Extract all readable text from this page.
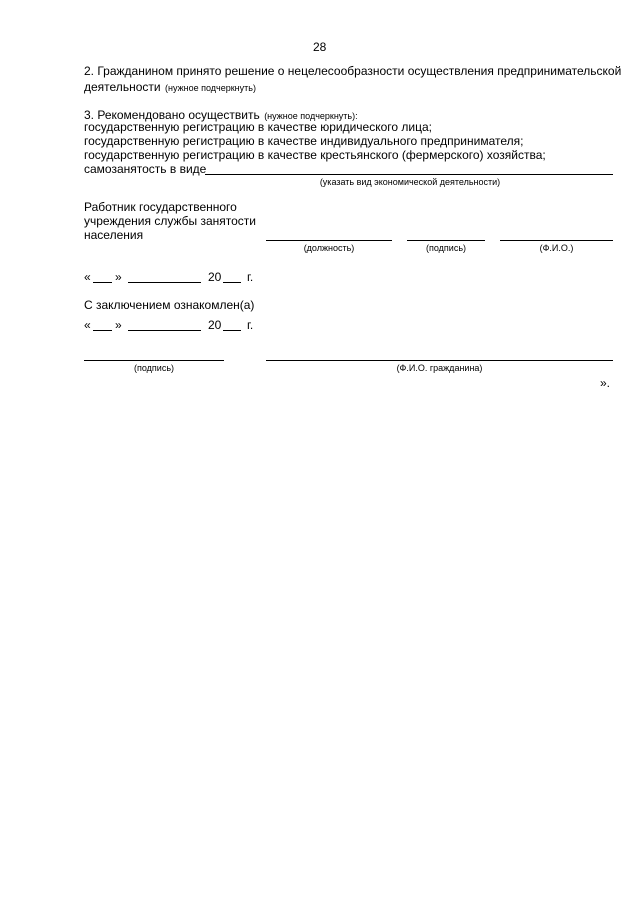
28
2. Гражданином принято решение о нецелесообразности осуществления предпринимательской
деятельности (нужное подчеркнуть)
3. Рекомендовано осуществить (нужное подчеркнуть):
государственную регистрацию в качестве юридического лица;
государственную регистрацию в качестве индивидуального предпринимателя;
государственную регистрацию в качестве крестьянского (фермерского) хозяйства;
самозанятость в виде
(указать вид экономической деятельности)
Работник государственного
учреждения службы занятости
населения
(должность)	(подпись)	(Ф.И.О.)
« »	20 г.
С заключением ознакомлен(а)
« »	20 г.
(подпись)	(Ф.И.О. гражданина)
».
